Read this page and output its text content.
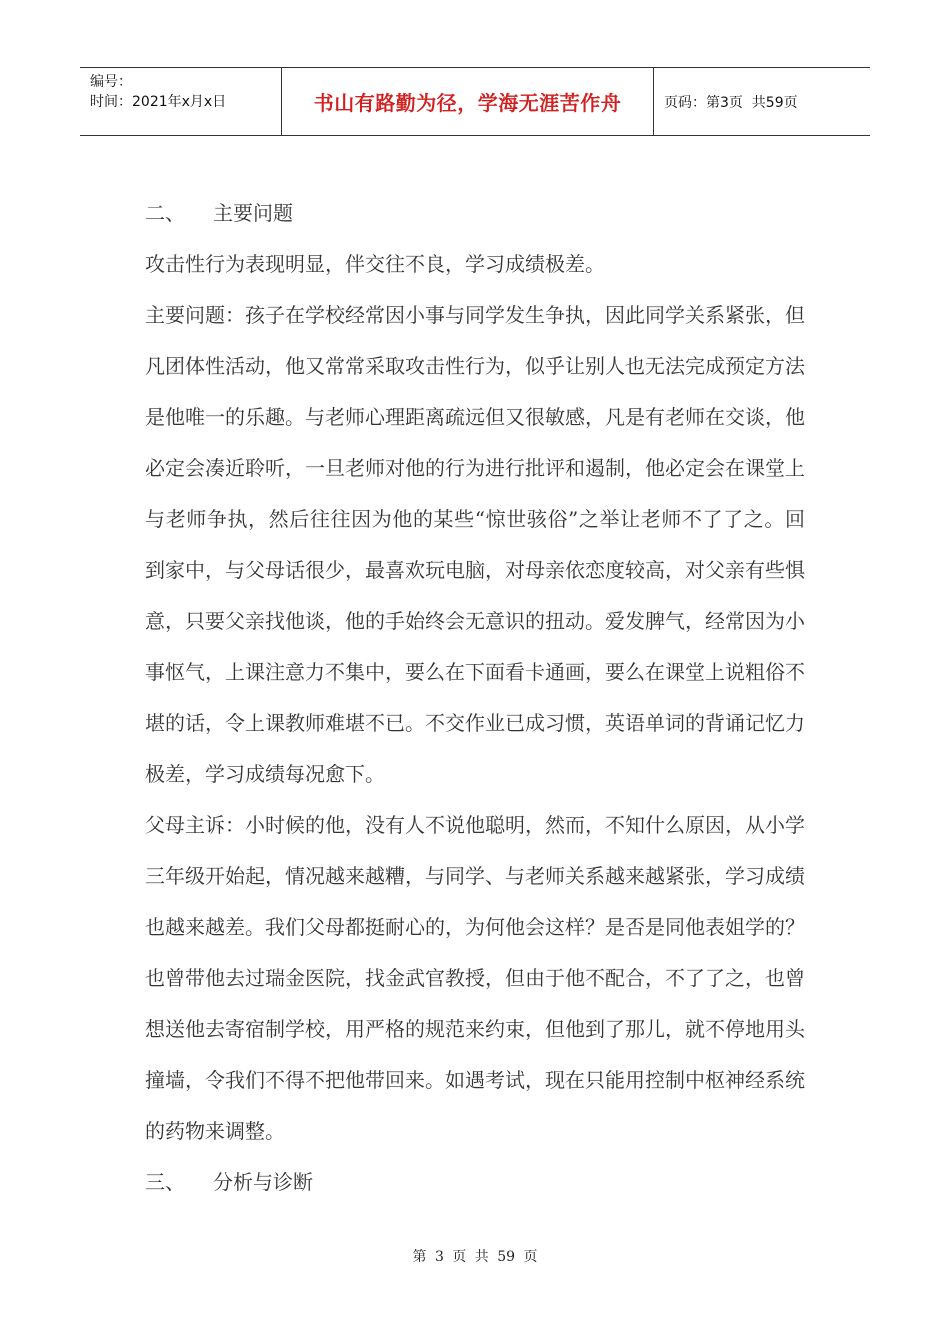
编号：
时间：2021年x月x日	书山有路勤为径，学海无涯苦作舟	页码：第3页  共59页

二、	主要问题

攻击性行为表现明显，伴交往不良，学习成绩极差。

主要问题：孩子在学校经常因小事与同学发生争执，因此同学关系紧张，但凡团体性活动，他又常常采取攻击性行为，似乎让别人也无法完成预定方法是他唯一的乐趣。与老师心理距离疏远但又很敏感，凡是有老师在交谈，他必定会凑近聆听，一旦老师对他的行为进行批评和遏制，他必定会在课堂上与老师争执，然后往往因为他的某些“惊世骇俗”之举让老师不了了之。回到家中，与父母话很少，最喜欢玩电脑，对母亲依恋度较高，对父亲有些惧意，只要父亲找他谈，他的手始终会无意识的扭动。爱发脾气，经常因为小事怄气，上课注意力不集中，要么在下面看卡通画，要么在课堂上说粗俗不堪的话，令上课教师难堪不已。不交作业已成习惯，英语单词的背诵记忆力极差，学习成绩每况愈下。

父母主诉：小时候的他，没有人不说他聪明，然而，不知什么原因，从小学三年级开始起，情况越来越糟，与同学、与老师关系越来越紧张，学习成绩也越来越差。我们父母都挺耐心的，为何他会这样？是否是同他表姐学的？也曾带他去过瑞金医院，找金武官教授，但由于他不配合，不了了之，也曾想送他去寄宿制学校，用严格的规范来约束，但他到了那儿，就不停地用头撞墙，令我们不得不把他带回来。如遇考试，现在只能用控制中枢神经系统的药物来调整。

三、	分析与诊断

第 3 页 共 59 页
